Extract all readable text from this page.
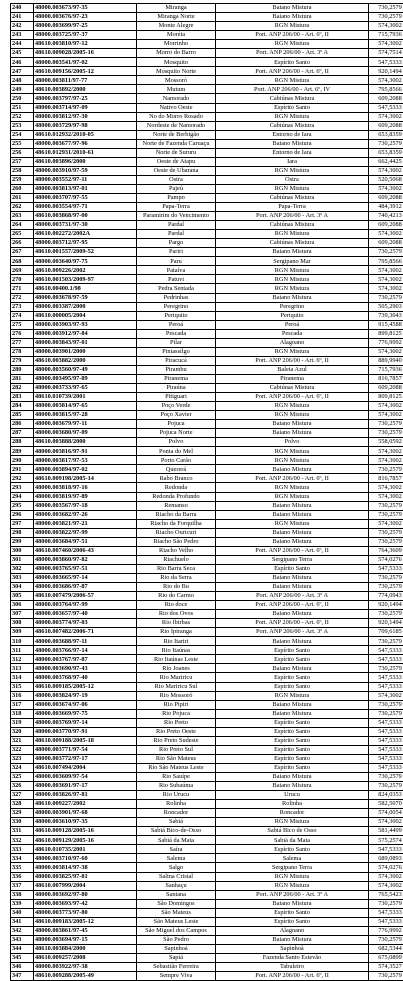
240	48000.003673/97-35	Miranga	Baiano Mistura	730,2579
241	48000.003676/97-23	Miranga Norte	Baiano Mistura	730,2579
242	48000.003699/97-25	Monte Alegre	RGN Mistura	574,3002
243	48000.003725/97-37	Moréia	Port. ANP 206/00 - Art. 6º, II	715,7936
244	48610.003810/97-12	Morrinho	RGN Mistura	574,3002
245	48610.009028/2005-16	Morro do Barro	Port. ANP 206/00 - Art. 3º A	574,7514
246	48000.003541/97-02	Mosquito	Espírito Santo	547,5333
247	48610.009156/2005-12	Mosquito Norte	Port. ANP 206/00 - Art. 6º, II	920,1494
248	48000.003811/97-77	Mossoró	RGN Mistura	574,3002
249	48610.003892/2000	Mutum	Port. ANP 206/00 - Art. 6º, IV	795,8566
250	48000.003797/97-25	Namorado	Cabiúnas Mistura	609,2088
251	48000.003714/97-09	Nativo Oeste	Espírito Santo	547,5333
252	48000.003812/97-30	No do Morro Rosado	RGN Mistura	574,3002
253	48000.003729/97-98	Nordeste de Namorado	Cabiúnas Mistura	609,2088
254	48610.012932/2010-05	Norte de Berbigão	Entorno de Iara	653,8359
255	48000.003677/97-96	Norte de Fazenda Caruaçu	Baiano Mistura	730,2579
256	48610.012931/2010-61	Norte de Sururu	Entorno de Iara	653,8359
257	48610.003896/2000	Oeste de Atapu	Iara	662,4425
258	48000.003910/97-59	Oeste de Ubarana	RGN Mistura	574,3002
259	48000.003552/97-11	Ostra	Ostra	520,5068
260	48000.003813/97-01	Pajeú	RGN Mistura	574,3002
261	48000.003707/97-55	Pampo	Cabiúnas Mistura	609,2088
262	48000.003554/97-71	Papa-Terra	Papa-Terra	484,3912
263	48610.003868/97-00	Paramirim do Vencimento	Port. ANP 206/00 - Art. 3º A	740,4213
264	48000.003731/97-30	Pardal	Cabiúnas Mistura	609,2088
265	48610.002272/2002A	Pardal	RGN Mistura	574,3002
266	48000.003712/97-95	Pargo	Cabiúnas Mistura	609,2088
267	48610.001557/2009-52	Pariri	Baiano Mistura	730,2579
268	48000.003640/97-75	Paru	Sergipano Mar	795,8566
269	48610.009226/2002	Pataíva	RGN Mistura	574,3002
270	48610.001503/2009-97	Patuvi	RGN Mistura	574,3002
271	48610.00400.1/98	Pedra Sentada	RGN Mistura	574,3002
272	48000.003678/97-59	Pedrinhas	Baiano Mistura	730,2579
273	48000.003387/2000	Peregrino	Peregrino	505,2903
274	48610.000005/2004	Periquito	Periquito	739,3043
275	48000.003903/97-93	Peroá	Peroá	915,4588
276	48000.003912/97-84	Pescada	Pescada	899,8125
277	48000.003843/97-01	Pilar	Alagoano	776,9992
278	48000.003901/2000	Pintassilgo	RGN Mistura	574,3002
279	48610.003882/2000	Piracucá	Port. ANP 206/00 - Art. 6º, II	889,9940
280	48000.003560/97-49	Pirambu	Baleia Azul	715,7936
281	48000.003495/97-89	Piranema	Piranema	816,7857
282	48000.003733/97-65	Piraúna	Cabiúnas Mistura	609,2088
283	48610.010739/2001	Pitiguari	Port. ANP 206/00 - Art. 6º, II	809,8125
284	48000.003814/97-65	Poço Verde	RGN Mistura	574,3002
285	48000.003815/97-28	Poço Xavier	RGN Mistura	574,3002
286	48000.003679/97-11	Pojuca	Baiano Mistura	730,2579
287	48000.003680/97-09	Pojuca Norte	Baiano Mistura	730,2579
288	48610.003888/2000	Polvo	Polvo	558,0592
289	48000.003816/97-91	Ponta do Mel	RGN Mistura	574,3002
290	48000.003817/97-53	Porto Carão	RGN Mistura	574,3002
291	48000.003894/97-02	Quererá	Baiano Mistura	730,2579
292	48610.009198/2005-14	Rabo Branco	Port. ANP 206/00 - Art. 6º, II	816,7857
293	48000.003818/97-16	Redonda	RGN Mistura	574,3002
294	48000.003819/97-89	Redonda Profundo	RGN Mistura	574,3002
295	48000.003567/97-18	Remanso	Baiano Mistura	730,2579
296	48000.003682/97-26	Riacho da Barra	Baiano Mistura	730,2579
297	48000.003821/97-21	Riacho da Forquilha	RGN Mistura	574,3002
298	48000.003822/97-99	Riacho Ouricuri	Baiano Mistura	730,2579
299	48000.003684/97-51	Riacho São Pedro	Baiano Mistura	730,2579
300	48610.007460/2006-43	Riacho Velho	Port. ANP 206/00 - Art. 6º, II	764,3609
301	48000.003860/97-82	Riachuelo	Sergipano Terra	574,0276
302	48000.003765/97-51	Rio Barra Seca	Espírito Santo	547,5333
303	48000.003665/97-14	Rio da Serra	Baiano Mistura	730,2579
304	48000.003686/97-87	Rio do Bu	Baiano Mistura	730,2579
305	48610.007479/2006-57	Rio do Carmo	Port. ANP 206/00 - Art. 3º A	774,0943
306	48000.003764/97-99	Rio doce	Port. ANP 206/00 - Art. 6º, II	920,1494
307	48000.003657/97-40	Rio dos Ovos	Baiano Mistura	730,2579
308	48000.003774/97-03	Rio Ibirbas	Port. ANP 206/00 - Art. 6º, II	920,1494
309	48610.007482/2006-71	Rio Ipiranga	Port. ANP 206/00 - Art. 3º A	709,6185
310	48000.003688/97-11	Rio Itariri	Baiano Mistura	730,2579
311	48000.003766/97-14	Rio Itaúnas	Espírito Santo	547,5333
312	48000.003767/97-87	Rio Itaúnas Leste	Espírito Santo	547,5333
313	48000.003690/97-43	Rio Joanes	Baiano Mistura	730,2579
314	48000.003768/97-40	Rio Mariricu	Espírito Santo	547,5333
315	48610.009185/2005-12	Rio Mariricu Sul	Espírito Santo	547,5333
316	48000.003824/97-19	Rio Mossoró	RGN Mistura	574,3002
317	48000.003674/97-06	Rio Pipiri	Baiano Mistura	730,2579
318	48000.003669/97-75	Rio Pojuca	Baiano Mistura	730,2579
319	48000.003769/97-14	Rio Preto	Espírito Santo	547,5333
320	48000.003770/97-91	Rio Preto Oeste	Espírito Santo	547,5333
321	48610.009188/2005-18	Rio Preto Sudeste	Espírito Santo	547,5333
322	48000.003771/97-54	Rio Preto Sul	Espírito Santo	547,5333
323	48000.003772/97-17	Rio São Mateus	Espírito Santo	547,5333
324	48610.007494/2004	Rio São Mateus Leste	Espírito Santo	547,5333
325	48000.003609/97-54	Rio Sauípe	Baiano Mistura	730,2579
326	48000.003691/97-17	Rio Subaúma	Baiano Mistura	730,2579
327	48000.003826/97-81	Rio Urucu	Urucu	824,0353
328	48610.009227/2002	Rolinha	Rolinha	582,5070
329	48000.003901/97-68	Roncador	Roncador	574,0054
330	48000.003610/97-35	Sabiá	RGN Mistura	574,3002
331	48610.009128/2005-16	Sabiá Bico-de-Osso	Sabiá Bico de Osso	581,4499
332	48610.009129/2005-16	Sabiá da Mata	Sabiá da Mata	575,2574
333	48610.010735/2001	Saíra	Espírito Santo	547,5333
334	48000.003710/97-60	Salema	Salema	689,0893
335	48000.003814/97-38	Salgo	Sergipano Terra	574,0276
336	48000.003825/97-81	Salina Cristal	RGN Mistura	574,3002
337	48610.007999/2004	Sanhaçu	RGN Mistura	574,3002
338	48000.003692/97-80	Santana	Port. ANP 206/00 - Art. 3º A	765,5423
339	48000.003693/97-42	São Domingos	Baiano Mistura	730,2579
340	48000.003773/97-80	São Mateus	Espírito Santo	547,5333
341	48610.009183/2005-12	São Mateus Leste	Espírito Santo	547,5333
342	48000.003861/97-45	São Miguel dos Campos	Alagoano	776,9992
343	48000.003694/97-15	São Pedro	Baiano Mistura	730,2579
344	48610.003884/2000	Sapinhoá	Sapinhoá	682,5344
345	48610.009257/2008	Sapiá	Fazenda Santo Estevão	675,0899
346	48000.003922/97-38	Sebastião Ferreira	Tabuleiro	574,3527
347	48610.009288/2005-49	Sempre Viva	Port. ANP 206/00 - Art. 6º, II	730,2579
